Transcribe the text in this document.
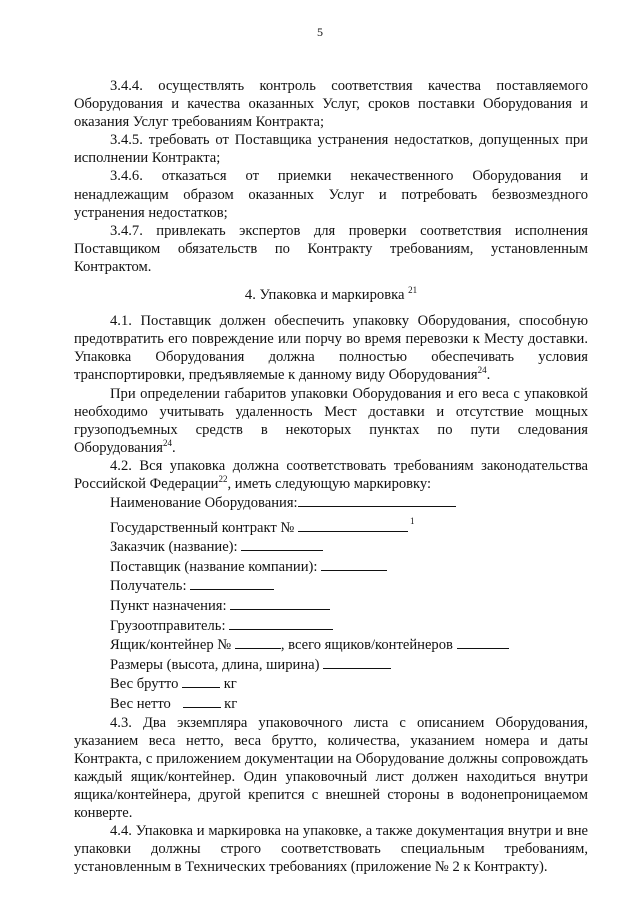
5

3.4.4. осуществлять контроль соответствия качества поставляемого Оборудования и качества оказанных Услуг, сроков поставки Оборудования и оказания Услуг требованиям Контракта;

3.4.5. требовать от Поставщика устранения недостатков, допущенных при исполнении Контракта;

3.4.6. отказаться от приемки некачественного Оборудования и ненадлежащим образом оказанных Услуг и потребовать безвозмездного устранения недостатков;

3.4.7. привлекать экспертов для проверки соответствия исполнения Поставщиком обязательств по Контракту требованиям, установленным Контрактом.

4. Упаковка и маркировка $^{21}$

4.1. Поставщик должен обеспечить упаковку Оборудования, способную предотвратить его повреждение или порчу во время перевозки к Месту доставки. Упаковка Оборудования должна полностью обеспечивать условия транспортировки, предъявляемые к данному виду Оборудования$^{24}$.

При определении габаритов упаковки Оборудования и его веса с упаковкой необходимо учитывать удаленность Мест доставки и отсутствие мощных грузоподъемных средств в некоторых пунктах по пути следования Оборудования$^{24}$.

4.2. Вся упаковка должна соответствовать требованиям законодательства Российской Федерации$^{22}$, иметь следующую маркировку:

Наименование Оборудования:
Государственный контракт №	$^1$
Заказчик (название):
Поставщик (название компании):
Получатель:
Пункт назначения:
Грузоотправитель:
Ящик/контейнер №	, всего ящиков/контейнеров
Размеры (высота, длина, ширина)
Вес брутто	кг
Вес нетто	кг

4.3. Два экземпляра упаковочного листа с описанием Оборудования, указанием веса нетто, веса брутто, количества, указанием номера и даты Контракта, с приложением документации на Оборудование должны сопровождать каждый ящик/контейнер. Один упаковочный лист должен находиться внутри ящика/контейнера, другой крепится с внешней стороны в водонепроницаемом конверте.

4.4. Упаковка и маркировка на упаковке, а также документация внутри и вне упаковки должны строго соответствовать специальным требованиям, установленным в Технических требованиях (приложение № 2 к Контракту).
